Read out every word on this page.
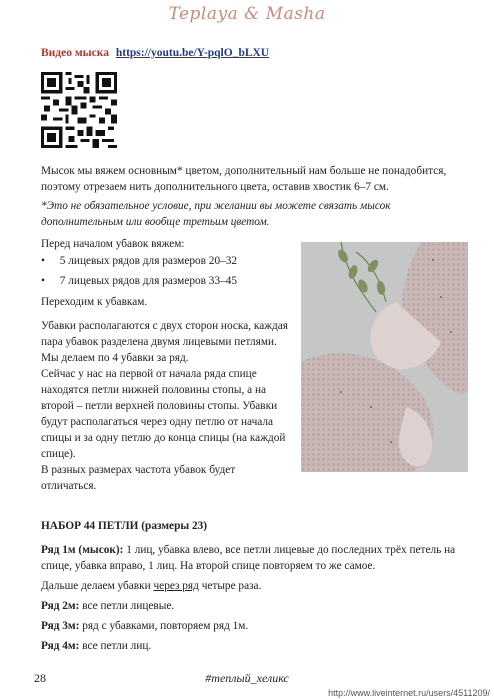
Teplaya & Masha
Видео мыска https://youtu.be/Y-pqlO_bLXU

Мысок мы вяжем основным* цветом, дополнительный нам больше не понадобится, поэтому отрезаем нить дополнительного цвета, оставив хвостик 6–7 см.

*Это не обязательное условие, при желании вы можете связать мысок дополнительным или вообще третьим цветом.

Перед началом убавок вяжем:

• 5 лицевых рядов для размеров 20–32
• 7 лицевых рядов для размеров 33–45

Переходим к убавкам.

Убавки располагаются с двух сторон носка, каждая пара убавок разделена двумя лицевыми петлями. Мы делаем по 4 убавки за ряд.

Сейчас у нас на первой от начала ряда спице находятся петли нижней половины стопы, а на второй – петли верхней половины стопы. Убавки будут располагаться через одну петлю от начала спицы и за одну петлю до конца спицы (на каждой спице).

В разных размерах частота убавок будет отличаться.

НАБОР 44 ПЕТЛИ (размеры 23)

Ряд 1м (мысок): 1 лиц, убавка влево, все петли лицевые до последних трёх петель на спице, убавка вправо, 1 лиц. На второй спице повторяем то же самое.

Дальше делаем убавки через ряд четыре раза.

Ряд 2м: все петли лицевые.

Ряд 3м: ряд с убавками, повторяем ряд 1м.

Ряд 4м: все петли лиц.

28	#теплый_хеликс
http://www.liveinternet.ru/users/4511209/
